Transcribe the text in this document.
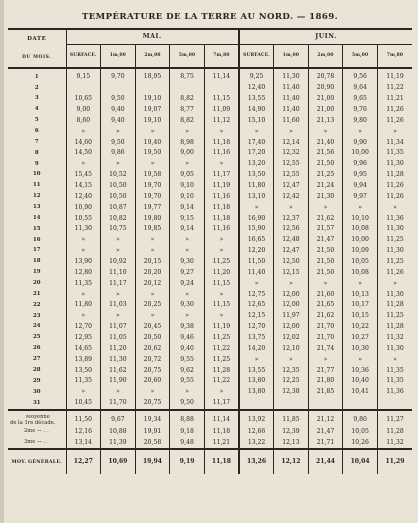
TEMPÉRATURE DE LA TERRE AU NORD. — 1869.
DATE
DU MOIS.	MAI.					JUIN.				
	SURFACE.	1m,00	2m,00	5m,00	7m,80	SURFACE.	1m,00	2m,00	5m,00	7m,80

1	9,15	9,70	18,95	8,75	11,14	9,25	11,30	20,78	9,56	11,19
2						12,40	11,40	20,90	9,64	11,22
3	10,65	9,50	19,10	8,82	11,15	13,55	11,40	21,00	9,65	11,21
4	9,00	9,40	19,07	8,77	11,09	14,90	11,40	21,00	9,76	11,26
5	8,60	9,40	19,10	8,82	11,12	15,10	11,60	21,13	9,80	11,26
6	»	»	»	»	»	»	»	»	»	»
7	14,60	9,50	19,40	8,98	11,18	17,40	12,14	21,40	9,90	11,34
8	14,50	9,86	19,50	9,00	11,16	17,20	12,32	21,56	10,00	11,35
9	»	»	»	»	»	13,20	12,55	21,50	9,96	11,30
10	15,45	10,52	19,58	9,05	11,17	13,50	12,55	21,25	9,95	11,28
11	14,15	10,50	19,70	9,10	11,19	11,80	12,47	21,24	9,94	11,26
12	12,40	10,50	19,70	9,10	11,16	13,10	12,42	21,30	9,97	11,26
13	10,90	10,87	19,77	9,14	11,18	»	»	»	»	»
14	10,55	10,82	19,80	9,15	11,18	16,90	12,37	21,62	10,10	11,36
15	11,30	10,75	19,85	9,14	11,16	15,90	12,56	21,57	10,08	11,30
16	»	»	»	»	»	16,65	12,48	21,47	10,00	11,25
17	»	»	»	»	»	12,20	12,47	21,50	10,09	11,30
18	13,90	10,92	20,15	9,30	11,25	11,50	12,50	21,50	10,05	11,25
19	12,80	11,10	20,20	9,27	11,20	11,40	12,15	21,50	10,08	11,26
20	11,35	11,17	20,12	9,24	11,15	»	»	»	»	»
21	»	»	»	»	»	12,75	12,00	21,60	10,13	11,30
22	11,80	11,03	20,25	9,30	11,15	12,65	12,00	21,65	10,17	11,28
23	»	»	»	»	»	12,15	11,97	21,62	10,15	11,25
24	12,70	11,07	20,45	9,38	11,19	12,70	12,00	21,70	10,22	11,28
25	12,95	11,05	20,50	9,46	11,25	13,75	12,02	21,70	10,27	11,32
26	14,65	11,20	20,62	9,40	11,22	14,20	12,10	21,74	10,30	11,30
27	13,89	11,30	20,72	9,55	11,25	»	»	»	»	»
28	13,50	11,62	20,75	9,62	11,28	13,55	12,35	21,77	10,36	11,35
29	11,35	11,90	20,60	9,55	11,22	13,80	12,25	21,80	10,40	11,35
30	»	»	»	»	»	13,80	12,38	21,85	10,41	11,36
31	10,45	11,70	20,75	9,50	11,17					

Moyenne
de la 1re décade.	11,50	9,67	19,34	8,88	11,14	13,92	11,85	21,12	9,80	11,27

2me — . .	12,16	10,88	19,91	9,18	11,18	12,66	12,39	21,47	10,05	11,28

3me — . .	13,14	11,39	20,58	9,48	11,21	13,22	12,13	21,71	10,26	11,32
MOY. GÉNÉRALE.	12,27	10,69	19,94	9,19	11,18	13,26	12,12	21,44	10,04	11,29
